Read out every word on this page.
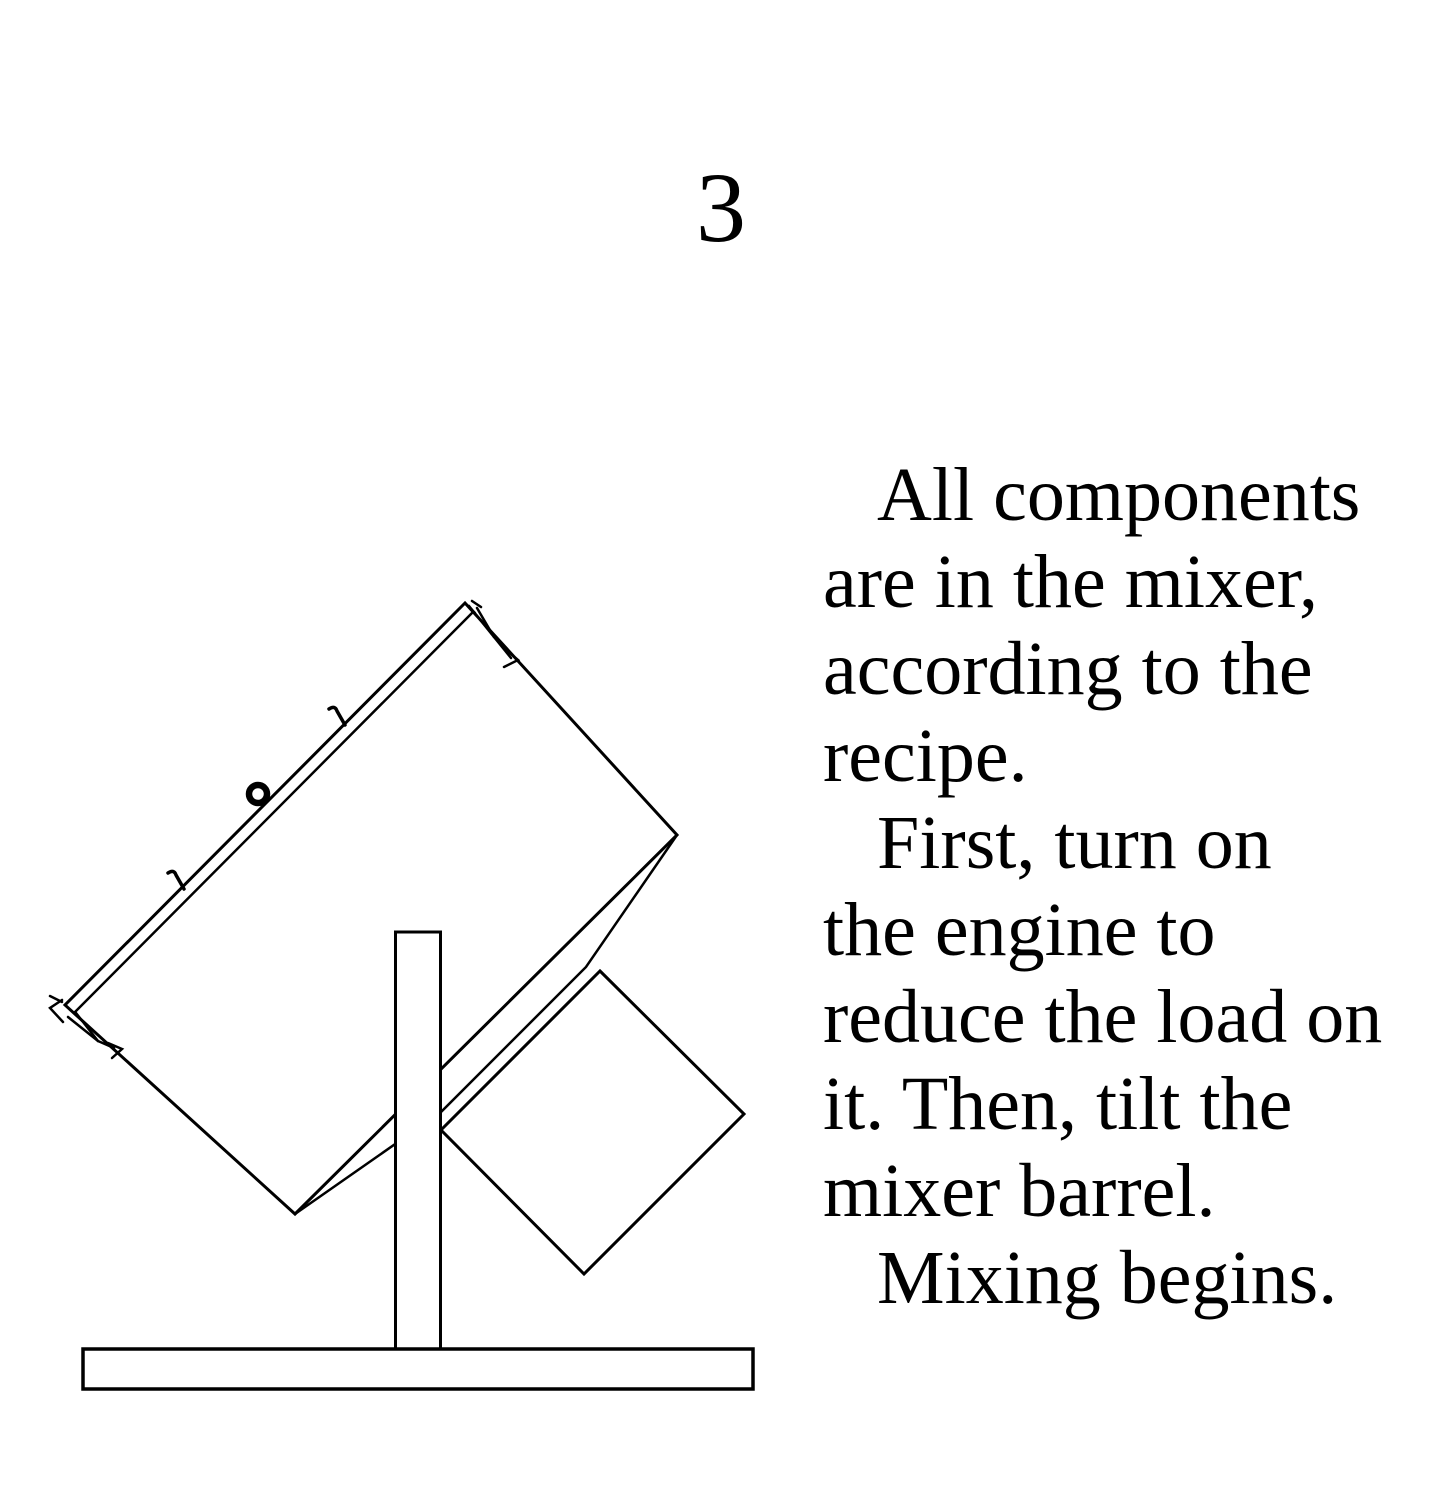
3
All components
are in the mixer,
according to the
recipe.
First, turn on
the engine to
reduce the load on
it. Then, tilt the
mixer barrel.
Mixing begins.
